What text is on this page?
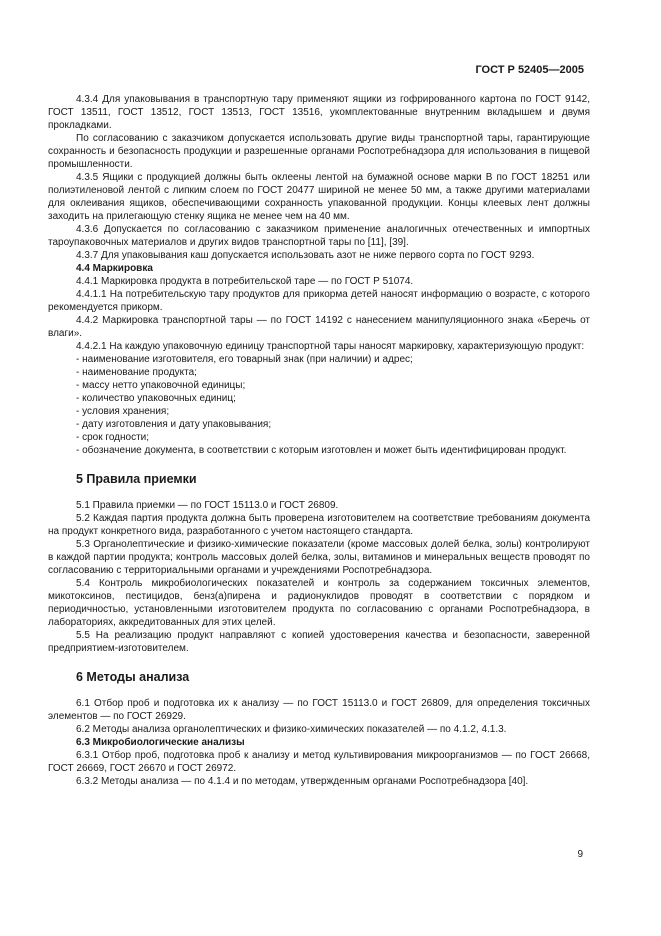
ГОСТ Р 52405—2005

4.3.4 Для упаковывания в транспортную тару применяют ящики из гофрированного картона по ГОСТ 9142, ГОСТ 13511, ГОСТ 13512, ГОСТ 13513, ГОСТ 13516, укомплектованные внутренним вкладышем и двумя прокладками.

По согласованию с заказчиком допускается использовать другие виды транспортной тары, гарантирующие сохранность и безопасность продукции и разрешенные органами Роспотребнадзора для использования в пищевой промышленности.

4.3.5 Ящики с продукцией должны быть оклеены лентой на бумажной основе марки В по ГОСТ 18251 или полиэтиленовой лентой с липким слоем по ГОСТ 20477 шириной не менее 50 мм, а также другими материалами для оклеивания ящиков, обеспечивающими сохранность упакованной продукции. Концы клеевых лент должны заходить на прилегающую стенку ящика не менее чем на 40 мм.

4.3.6 Допускается по согласованию с заказчиком применение аналогичных отечественных и импортных тароупаковочных материалов и других видов транспортной тары по [11], [39].

4.3.7 Для упаковывания каш допускается использовать азот не ниже первого сорта по ГОСТ 9293.

4.4 Маркировка

4.4.1 Маркировка продукта в потребительской таре — по ГОСТ Р 51074.

4.4.1.1 На потребительскую тару продуктов для прикорма детей наносят информацию о возрасте, с которого рекомендуется прикорм.

4.4.2 Маркировка транспортной тары — по ГОСТ 14192 с нанесением манипуляционного знака «Беречь от влаги».

4.4.2.1 На каждую упаковочную единицу транспортной тары наносят маркировку, характеризующую продукт:

- наименование изготовителя, его товарный знак (при наличии) и адрес;

- наименование продукта;

- массу нетто упаковочной единицы;

- количество упаковочных единиц;

- условия хранения;

- дату изготовления и дату упаковывания;

- срок годности;

- обозначение документа, в соответствии с которым изготовлен и может быть идентифицирован продукт.

5 Правила приемки

5.1 Правила приемки — по ГОСТ 15113.0 и ГОСТ 26809.

5.2 Каждая партия продукта должна быть проверена изготовителем на соответствие требованиям документа на продукт конкретного вида, разработанного с учетом настоящего стандарта.

5.3 Органолептические и физико-химические показатели (кроме массовых долей белка, золы) контролируют в каждой партии продукта; контроль массовых долей белка, золы, витаминов и минеральных веществ проводят по согласованию с территориальными органами и учреждениями Роспотребнадзора.

5.4 Контроль микробиологических показателей и контроль за содержанием токсичных элементов, микотоксинов, пестицидов, бенз(а)пирена и радионуклидов проводят в соответствии с порядком и периодичностью, установленными изготовителем продукта по согласованию с органами Роспотребнадзора, в лабораториях, аккредитованных для этих целей.

5.5 На реализацию продукт направляют с копией удостоверения качества и безопасности, заверенной предприятием-изготовителем.

6 Методы анализа

6.1 Отбор проб и подготовка их к анализу — по ГОСТ 15113.0 и ГОСТ 26809, для определения токсичных элементов — по ГОСТ 26929.

6.2 Методы анализа органолептических и физико-химических показателей — по 4.1.2, 4.1.3.

6.3 Микробиологические анализы

6.3.1 Отбор проб, подготовка проб к анализу и метод культивирования микроорганизмов — по ГОСТ 26668, ГОСТ 26669, ГОСТ 26670 и ГОСТ 26972.

6.3.2 Методы анализа — по 4.1.4 и по методам, утвержденным органами Роспотребнадзора [40].

9
